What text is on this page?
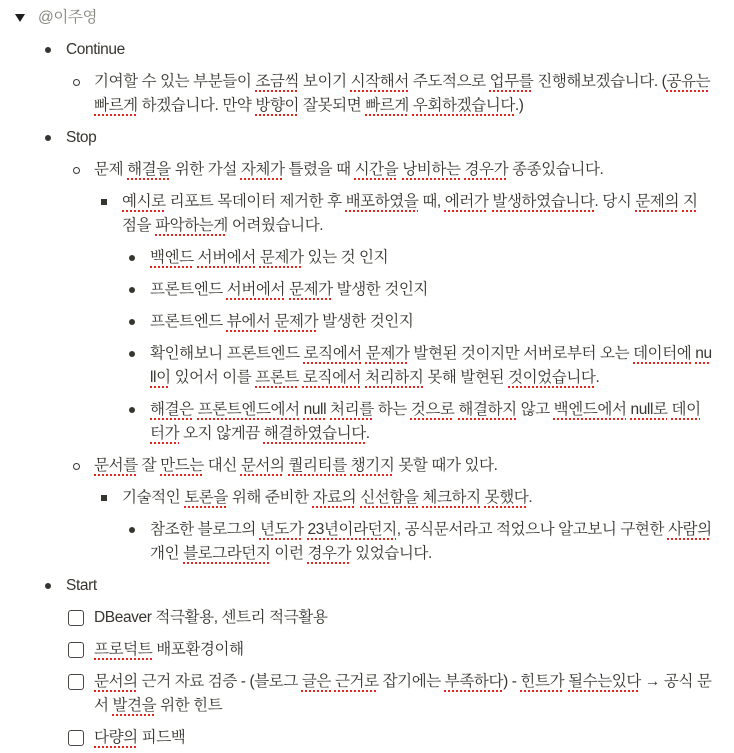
@이주영
Continue
기여할 수 있는 부분들이 조금씩 보이기 시작해서 주도적으로 업무를 진행해보겠습니다. (공유는 빠르게 하겠습니다. 만약 방향이 잘못되면 빠르게 우회하겠습니다.)
Stop
문제 해결을 위한 가설 자체가 틀렸을 때 시간을 낭비하는 경우가 종종있습니다.
예시로 리포트 목데이터 제거한 후 배포하였을 때, 에러가 발생하였습니다. 당시 문제의 지점을 파악하는게 어려웠습니다.
백엔드 서버에서 문제가 있는 것 인지
프론트엔드 서버에서 문제가 발생한 것인지
프론트엔드 뷰에서 문제가 발생한 것인지
확인해보니 프론트엔드 로직에서 문제가 발현된 것이지만 서버로부터 오는 데이터에 null이 있어서 이를 프론트 로직에서 처리하지 못해 발현된 것이었습니다.
해결은 프론트엔드에서 null 처리를 하는 것으로 해결하지 않고 백엔드에서 null로 데이터가 오지 않게끔 해결하였습니다.
문서를 잘 만드는 대신 문서의 퀄리티를 챙기지 못할 때가 있다.
기술적인 토론을 위해 준비한 자료의 신선함을 체크하지 못했다.
참조한 블로그의 년도가 23년이라던지, 공식문서라고 적었으나 알고보니 구현한 사람의 개인 블로그라던지 이런 경우가 있었습니다.
Start
DBeaver 적극활용, 센트리 적극활용
프로덕트 배포환경이해
문서의 근거 자료 검증 - (블로그 글은 근거로 잡기에는 부족하다) - 힌트가 될수는있다 → 공식 문서 발견을 위한 힌트
다량의 피드백
